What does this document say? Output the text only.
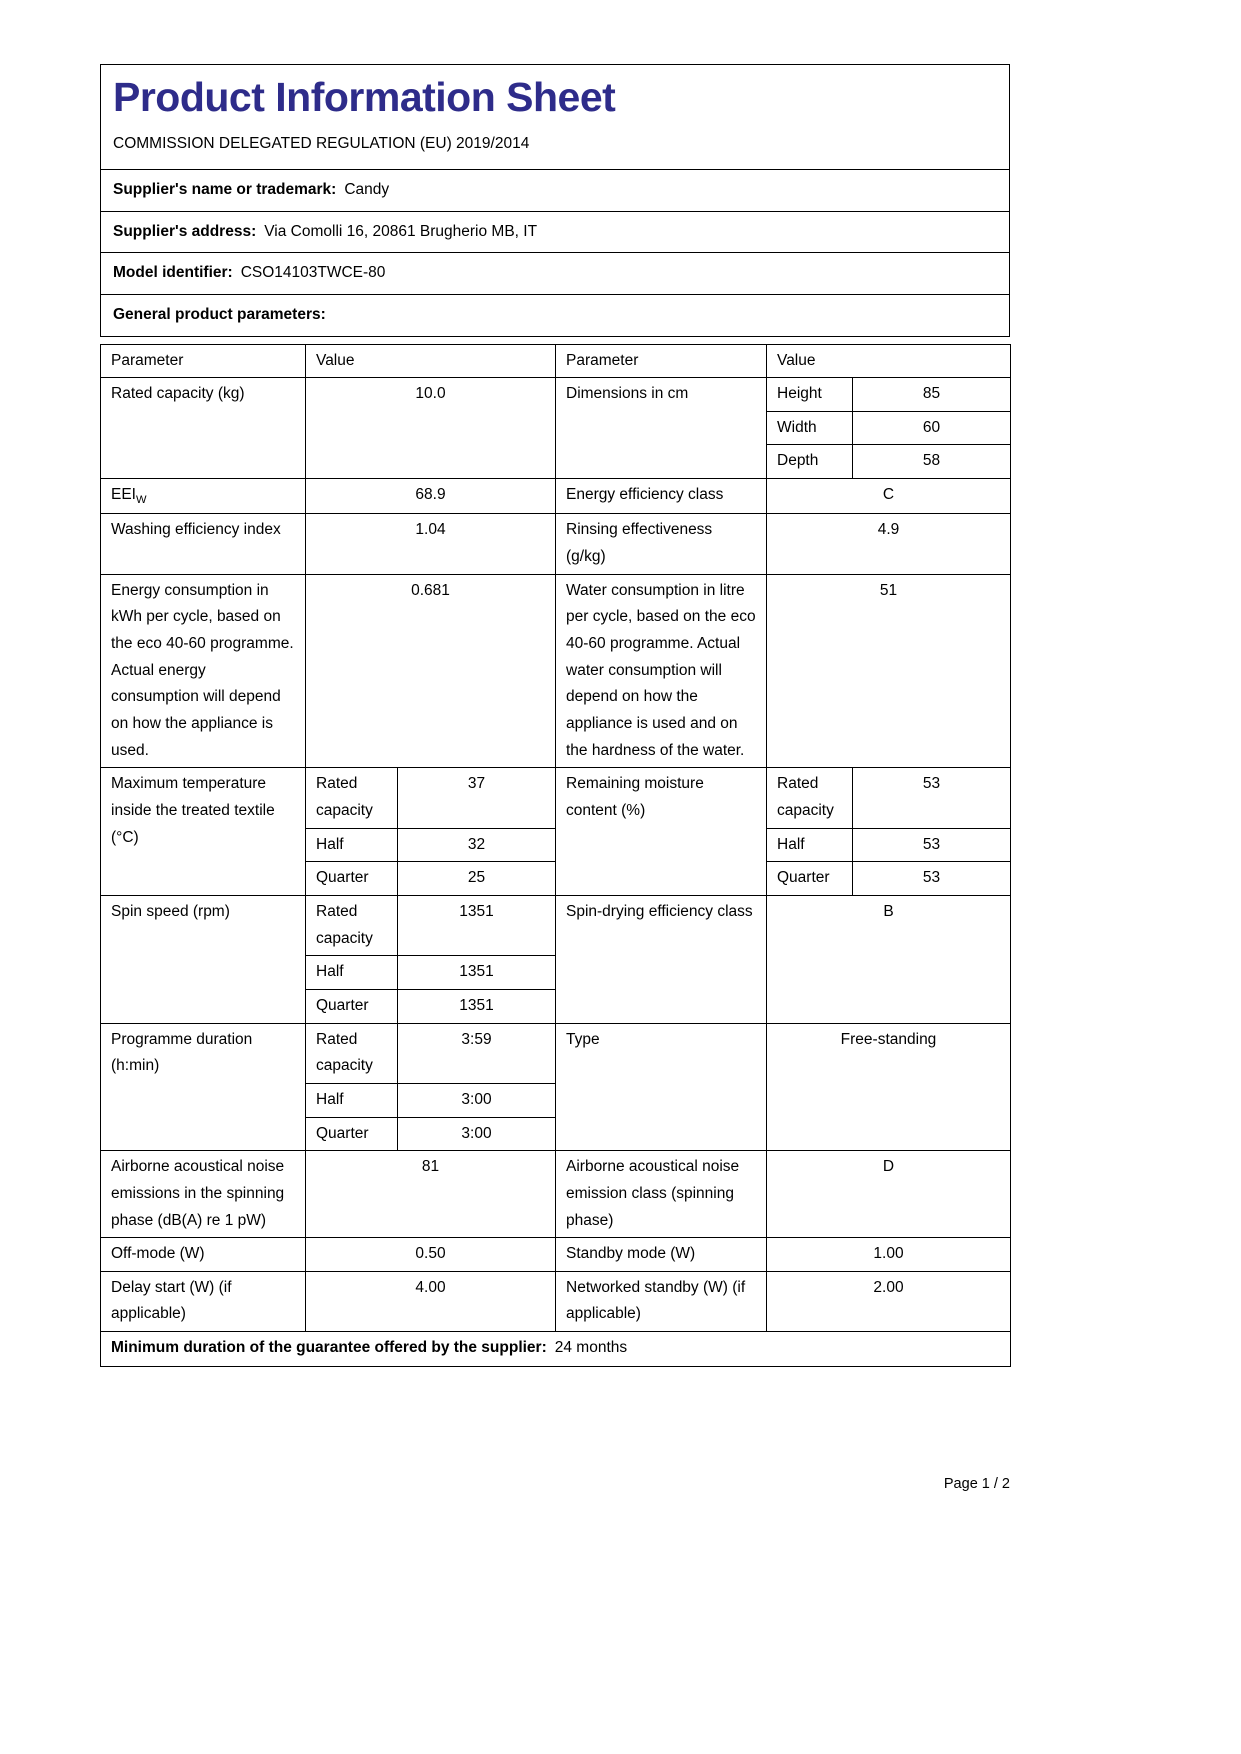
Product Information Sheet
COMMISSION DELEGATED REGULATION (EU) 2019/2014
Supplier's name or trademark: Candy
Supplier's address: Via Comolli 16, 20861 Brugherio MB, IT
Model identifier: CSO14103TWCE-80
General product parameters:
Parameter	Value		Parameter	Value	
Rated capacity (kg)	10.0		Dimensions in cm	Height	85
				Width	60
				Depth	58
$EEI_W$	68.9		Energy efficiency class	C	
Washing efficiency index	1.04		Rinsing effectiveness (g/kg)	4.9	
Energy consumption in kWh per cycle, based on the eco 40-60 programme. Actual energy consumption will depend on how the appliance is used.	0.681		Water consumption in litre per cycle, based on the eco 40-60 programme. Actual water consumption will depend on how the appliance is used and on the hardness of the water.	51	
Maximum temperature inside the treated textile (°C)	Rated capacity	37	Remaining moisture content (%)	Rated capacity	53
	Half	32		Half	53
	Quarter	25		Quarter	53
Spin speed (rpm)	Rated capacity	1351	Spin-drying efficiency class	B	
	Half	1351			
	Quarter	1351			
Programme duration (h:min)	Rated capacity	3:59	Type	Free-standing	
	Half	3:00			
	Quarter	3:00			
Airborne acoustical noise emissions in the spinning phase (dB(A) re 1 pW)	81		Airborne acoustical noise emission class (spinning phase)	D	
Off-mode (W)	0.50		Standby mode (W)	1.00	
Delay start (W) (if applicable)	4.00		Networked standby (W) (if applicable)	2.00	
Minimum duration of the guarantee offered by the supplier: 24 months					
Page 1 / 2
